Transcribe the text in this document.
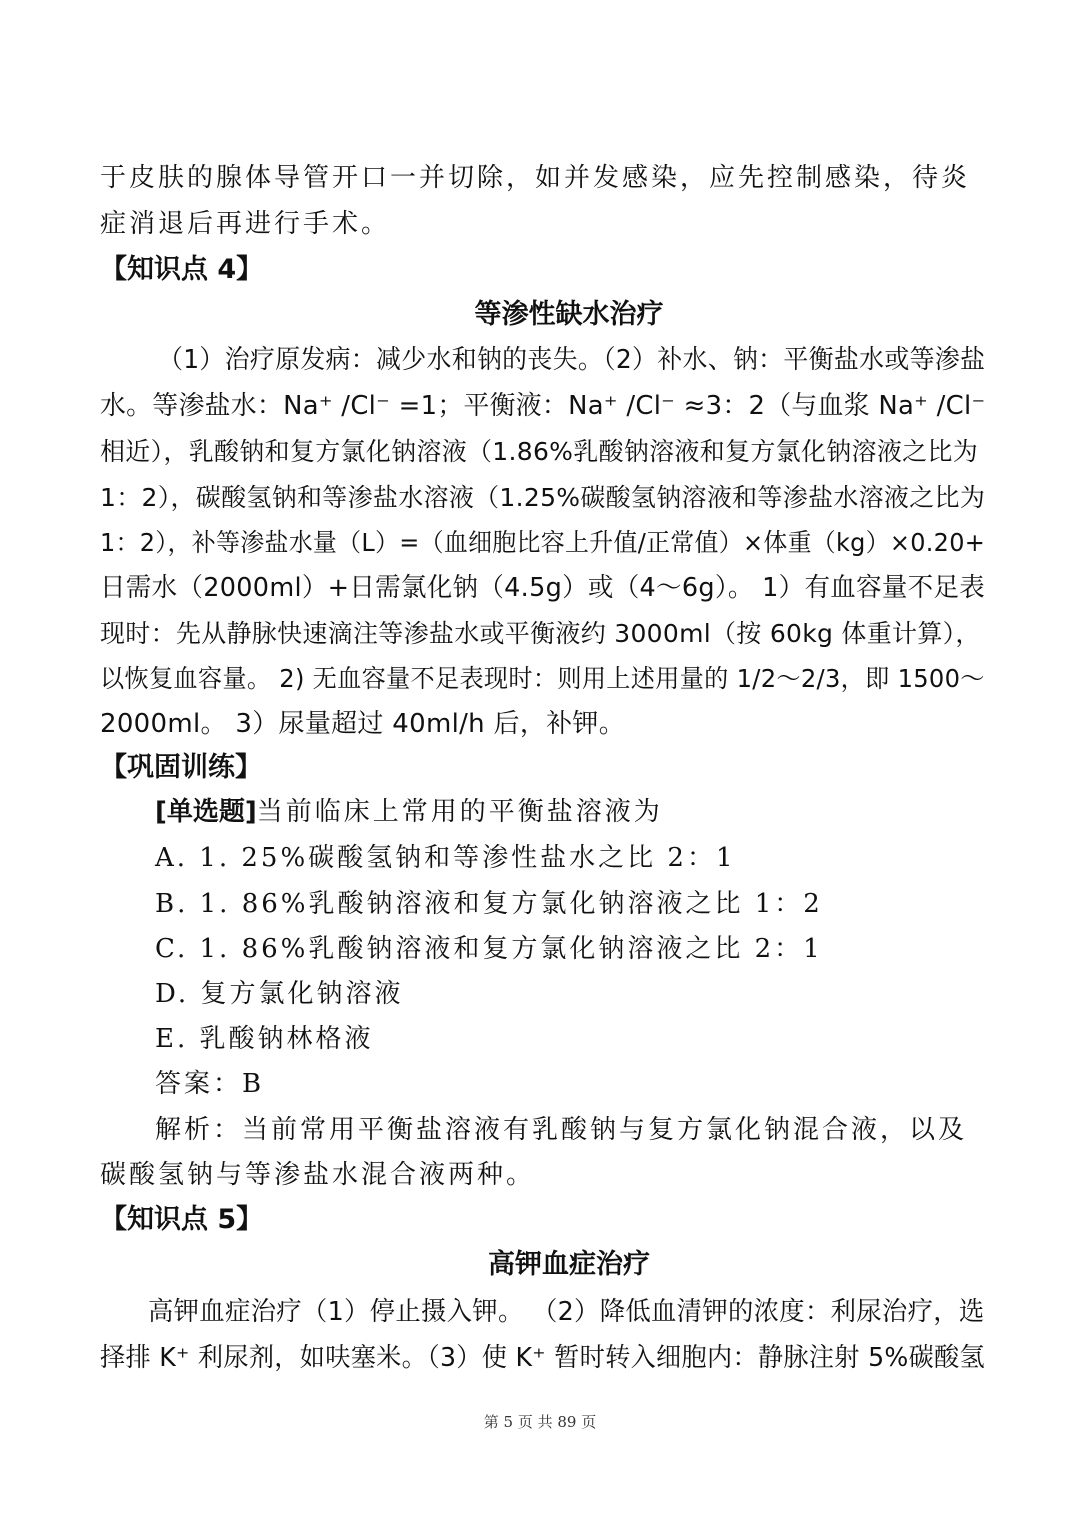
于皮肤的腺体导管开口一并切除，如并发感染，应先控制感染，待炎
症消退后再进行手术。
【知识点 4】
等渗性缺水治疗
（1）治疗原发病：减少水和钠的丧失。（2）补水、钠：平衡盐水或等渗盐
水。等渗盐水：Na⁺ /Cl⁻ =1；平衡液：Na⁺ /Cl⁻ ≈3：2（与血浆 Na⁺ /Cl⁻
相近），乳酸钠和复方氯化钠溶液（1.86%乳酸钠溶液和复方氯化钠溶液之比为
1：2），碳酸氢钠和等渗盐水溶液（1.25%碳酸氢钠溶液和等渗盐水溶液之比为
1：2），补等渗盐水量（L）=（血细胞比容上升值/正常值）×体重（kg）×0.20+
日需水（2000ml）+日需氯化钠（4.5g）或（4～6g）。 1）有血容量不足表
现时：先从静脉快速滴注等渗盐水或平衡液约 3000ml（按 60kg 体重计算），
以恢复血容量。 2) 无血容量不足表现时：则用上述用量的 1/2～2/3，即 1500～
2000ml。 3）尿量超过 40ml/h 后，补钾。
【巩固训练】
[单选题]当前临床上常用的平衡盐溶液为
A. 1. 25%碳酸氢钠和等渗性盐水之比 2：1
B. 1. 86%乳酸钠溶液和复方氯化钠溶液之比 1：2
C. 1. 86%乳酸钠溶液和复方氯化钠溶液之比 2：1
D. 复方氯化钠溶液
E. 乳酸钠林格液
答案：B
解析：当前常用平衡盐溶液有乳酸钠与复方氯化钠混合液，以及
碳酸氢钠与等渗盐水混合液两种。
【知识点 5】
高钾血症治疗
高钾血症治疗（1）停止摄入钾。 （2）降低血清钾的浓度：利尿治疗，选
择排 K⁺ 利尿剂，如呋塞米。（3）使 K⁺ 暂时转入细胞内：静脉注射 5%碳酸氢
第 5 页 共 89 页
